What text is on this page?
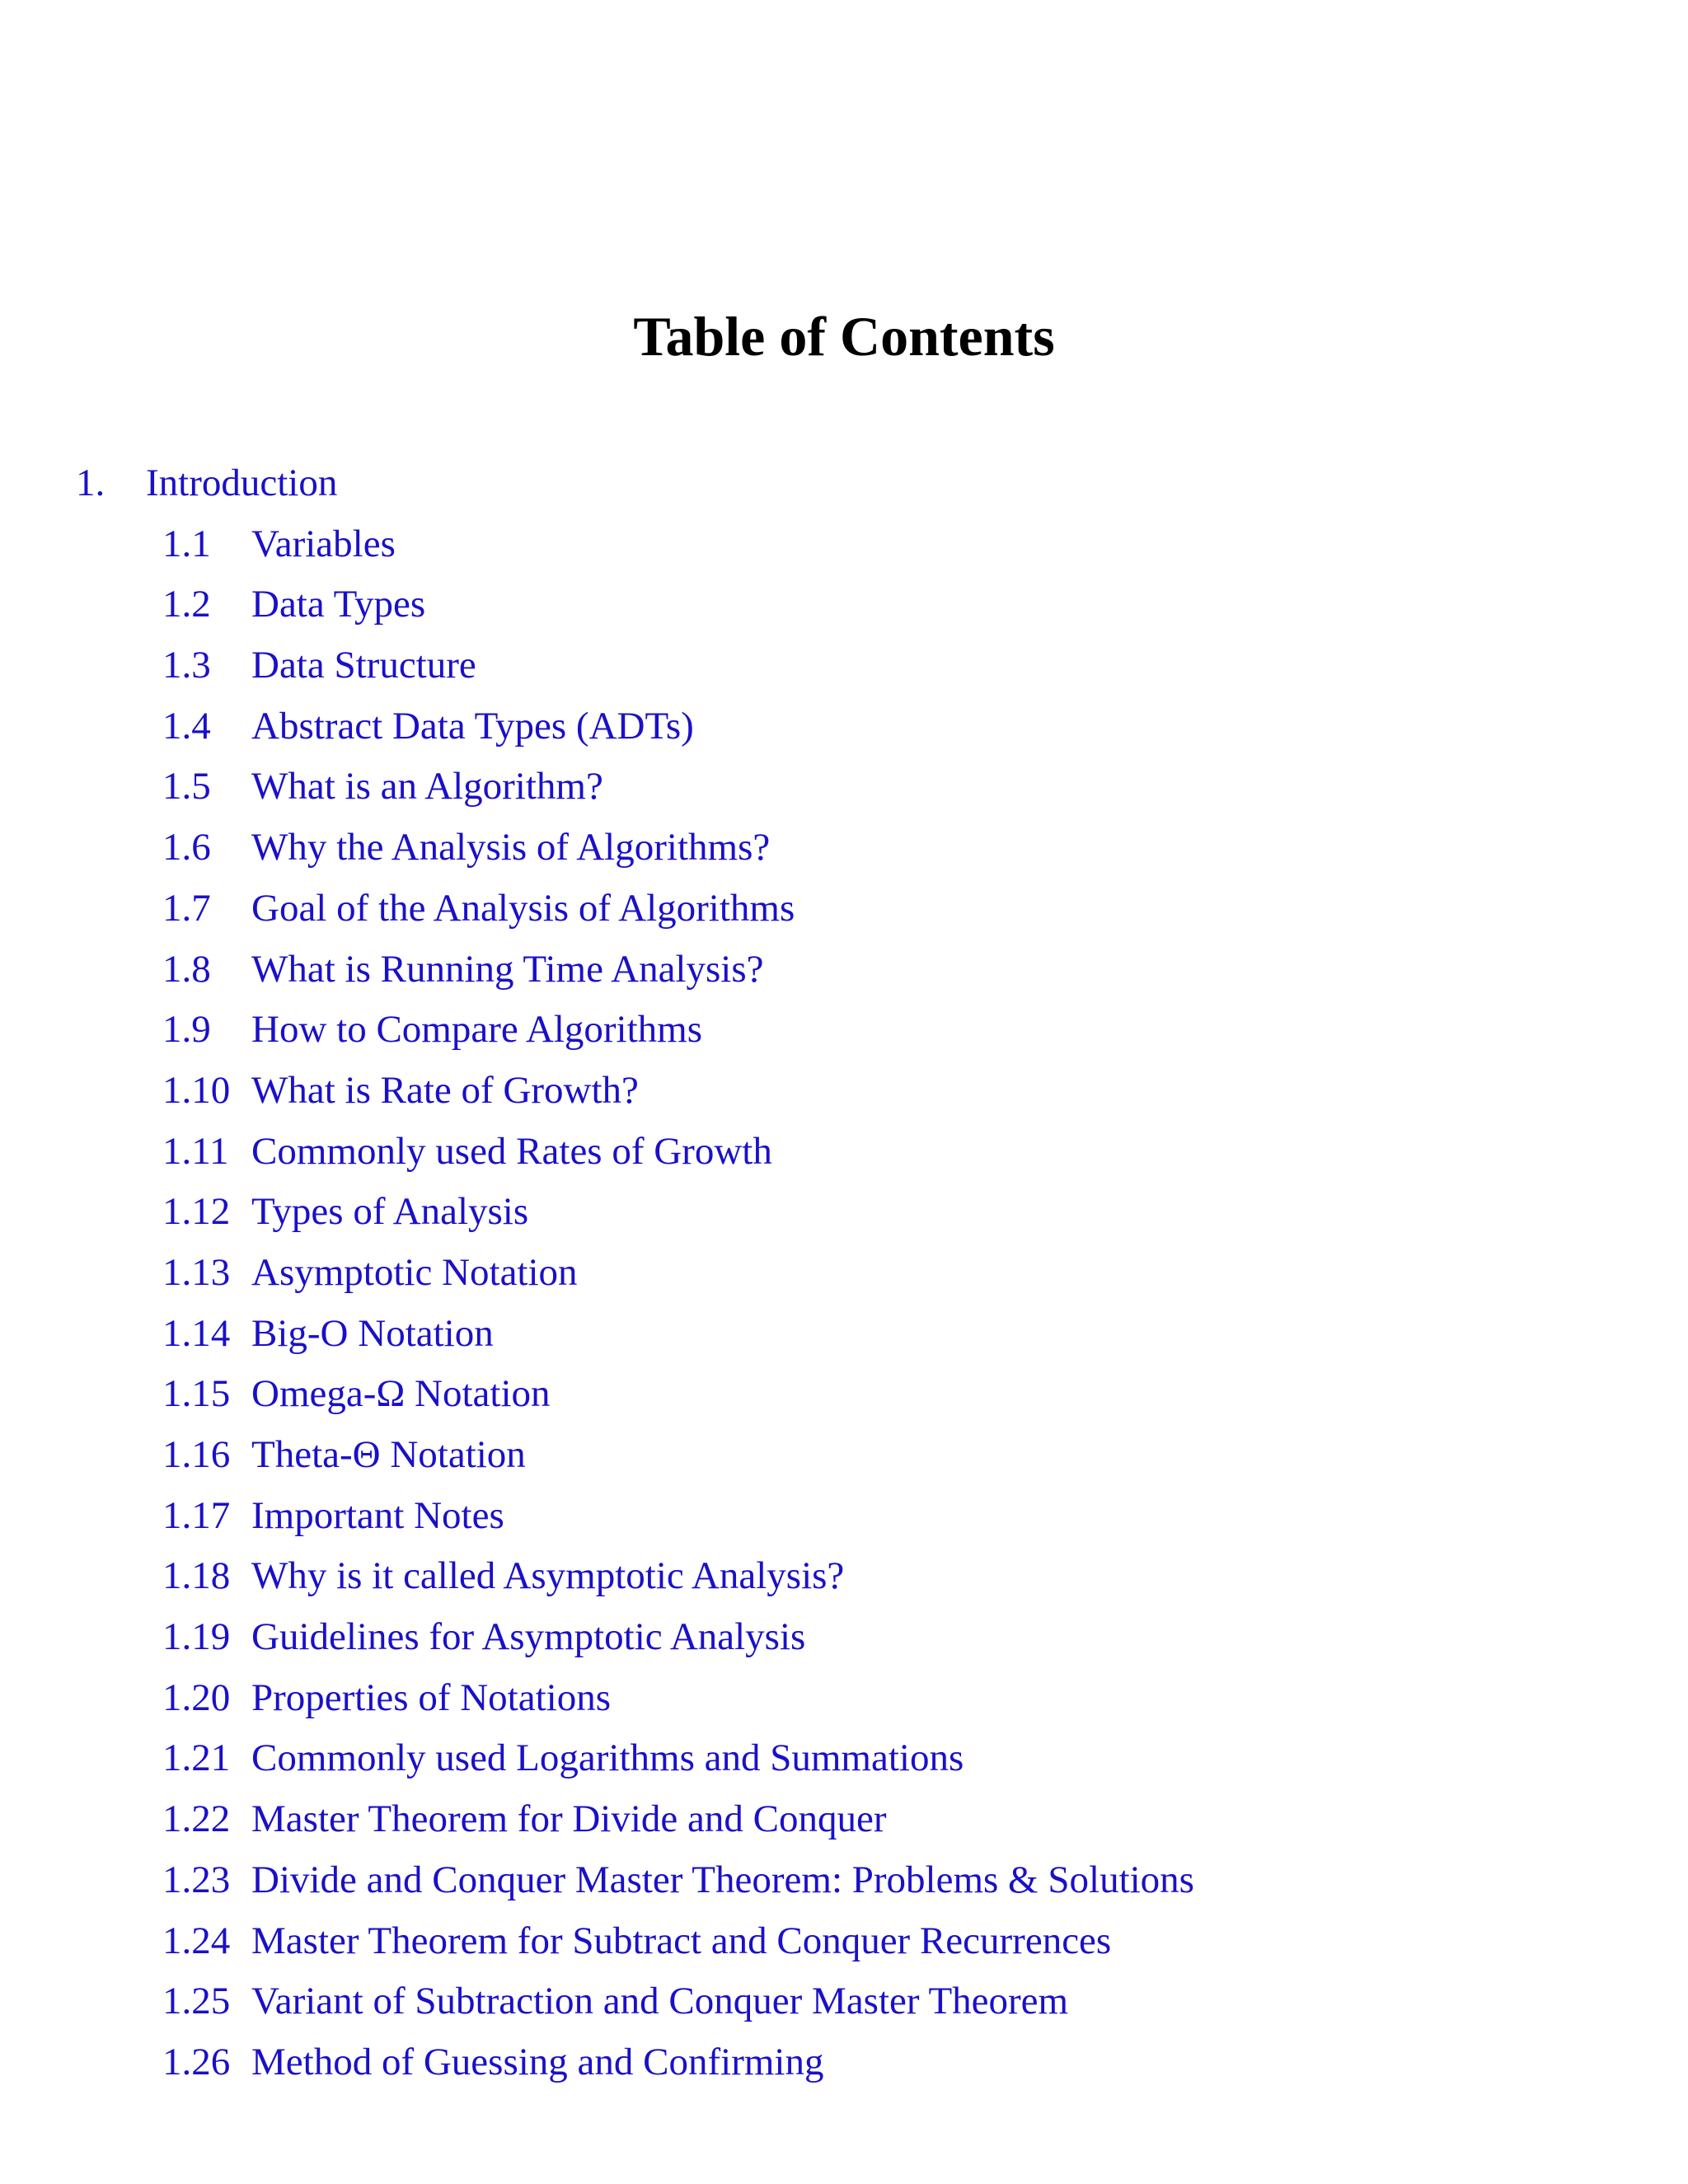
Table of Contents
1. Introduction
1.1 Variables
1.2 Data Types
1.3 Data Structure
1.4 Abstract Data Types (ADTs)
1.5 What is an Algorithm?
1.6 Why the Analysis of Algorithms?
1.7 Goal of the Analysis of Algorithms
1.8 What is Running Time Analysis?
1.9 How to Compare Algorithms
1.10 What is Rate of Growth?
1.11 Commonly used Rates of Growth
1.12 Types of Analysis
1.13 Asymptotic Notation
1.14 Big-O Notation
1.15 Omega-Ω Notation
1.16 Theta-Θ Notation
1.17 Important Notes
1.18 Why is it called Asymptotic Analysis?
1.19 Guidelines for Asymptotic Analysis
1.20 Properties of Notations
1.21 Commonly used Logarithms and Summations
1.22 Master Theorem for Divide and Conquer
1.23 Divide and Conquer Master Theorem: Problems & Solutions
1.24 Master Theorem for Subtract and Conquer Recurrences
1.25 Variant of Subtraction and Conquer Master Theorem
1.26 Method of Guessing and Confirming
